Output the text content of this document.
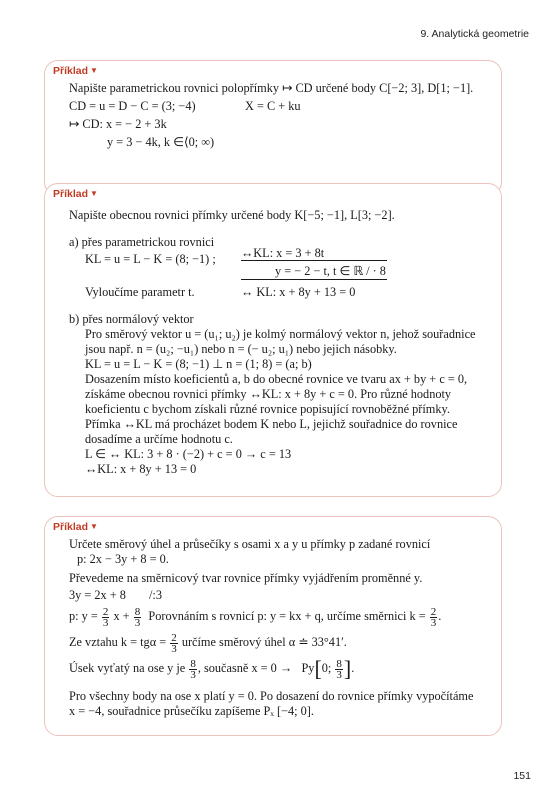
9. Analytická geometrie
Příklad ▼
Napište parametrickou rovnici polopřímky ↦ CD určené body C[−2; 3], D[1; −1].
CD = u = D − C = (3; −4)	X = C + ku
↦ CD: x = − 2 + 3k
y = 3 − 4k, k ∈⟨0; ∞)
Příklad ▼
Napište obecnou rovnici přímky určené body K[−5; −1], L[3; −2].
a) přes parametrickou rovnici
KL = u = L − K = (8; −1) ; ↔KL: x = 3 + 8t
y = − 2 − t, t ∈ ℝ / · 8
Vyloučíme parametr t.	↔ KL: x + 8y + 13 = 0
b) přes normálový vektor
Pro směrový vektor u = (u₁; u₂) je kolmý normálový vektor n, jehož souřadnice
jsou např. n = (u₂; −u₁) nebo n = (− u₂; u₁) nebo jejich násobky.
KL = u = L − K = (8; −1) ⊥ n = (1; 8) = (a; b)
Dosazením místo koeficientů a, b do obecné rovnice ve tvaru ax + by + c = 0,
získáme obecnou rovnici přímky ↔KL: x + 8y + c = 0. Pro různé hodnoty
koeficientu c bychom získali různé rovnice popisující rovnoběžné přímky.
Přímka ↔KL má procházet bodem K nebo L, jejichž souřadnice do rovnice
dosadíme a určíme hodnotu c.
L ∈ ↔ KL: 3 + 8 · (−2) + c = 0 → c = 13
↔KL: x + 8y + 13 = 0
Příklad ▼
Určete směrový úhel a průsečíky s osami x a y u přímky p zadané rovnicí
p: 2x − 3y + 8 = 0.
Převedeme na směrnicový tvar rovnice přímky vyjádřením proměnné y.
3y = 2x + 8 /:3
p: $y = \frac{2}{3}$ $x + \frac{8}{3}$ Porovnáním s rovnicí p: y = kx + q, určíme směrnici $k = \frac{2}{3}$ .
Ze vztahu $k = tg\alpha = \frac{2}{3}$ určíme směrový úhel α ≐ 33°41′.
Úsek vyťatý na ose y je $\frac{8}{3}$ , současně x = 0 → Py[0; $\frac{8}{3}$ ].
Pro všechny body na ose x platí y = 0. Po dosazení do rovnice přímky vypočítáme
x = −4, souřadnice průsečíku zapíšeme Pₓ [−4; 0].
151
